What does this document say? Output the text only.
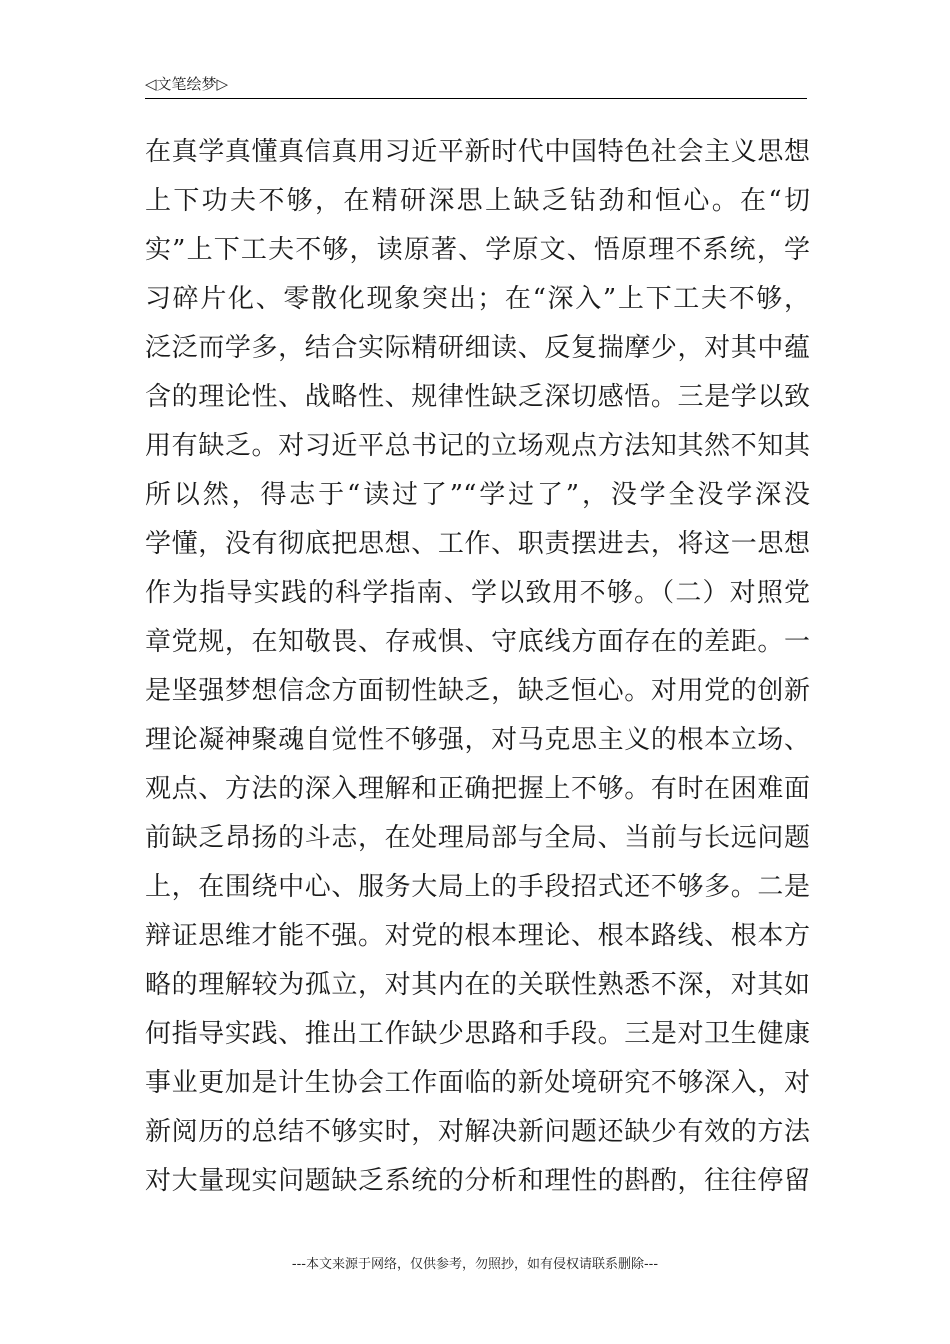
◁文笔绘梦▷
在真学真懂真信真用习近平新时代中国特色社会主义思想
上下功夫不够，在精研深思上缺乏钻劲和恒心。在“切
实”上下工夫不够，读原著、学原文、悟原理不系统，学
习碎片化、零散化现象突出；在“深入”上下工夫不够，
泛泛而学多，结合实际精研细读、反复揣摩少，对其中蕴
含的理论性、战略性、规律性缺乏深切感悟。三是学以致
用有缺乏。对习近平总书记的立场观点方法知其然不知其
所以然，得志于“读过了”“学过了”，没学全没学深没
学懂，没有彻底把思想、工作、职责摆进去，将这一思想
作为指导实践的科学指南、学以致用不够。（二）对照党
章党规，在知敬畏、存戒惧、守底线方面存在的差距。一
是坚强梦想信念方面韧性缺乏，缺乏恒心。对用党的创新
理论凝神聚魂自觉性不够强，对马克思主义的根本立场、
观点、方法的深入理解和正确把握上不够。有时在困难面
前缺乏昂扬的斗志，在处理局部与全局、当前与长远问题
上，在围绕中心、服务大局上的手段招式还不够多。二是
辩证思维才能不强。对党的根本理论、根本路线、根本方
略的理解较为孤立，对其内在的关联性熟悉不深，对其如
何指导实践、推出工作缺少思路和手段。三是对卫生健康
事业更加是计生协会工作面临的新处境研究不够深入，对
新阅历的总结不够实时，对解决新问题还缺少有效的方法
对大量现实问题缺乏系统的分析和理性的斟酌，往往停留
---本文来源于网络，仅供参考，勿照抄，如有侵权请联系删除---
